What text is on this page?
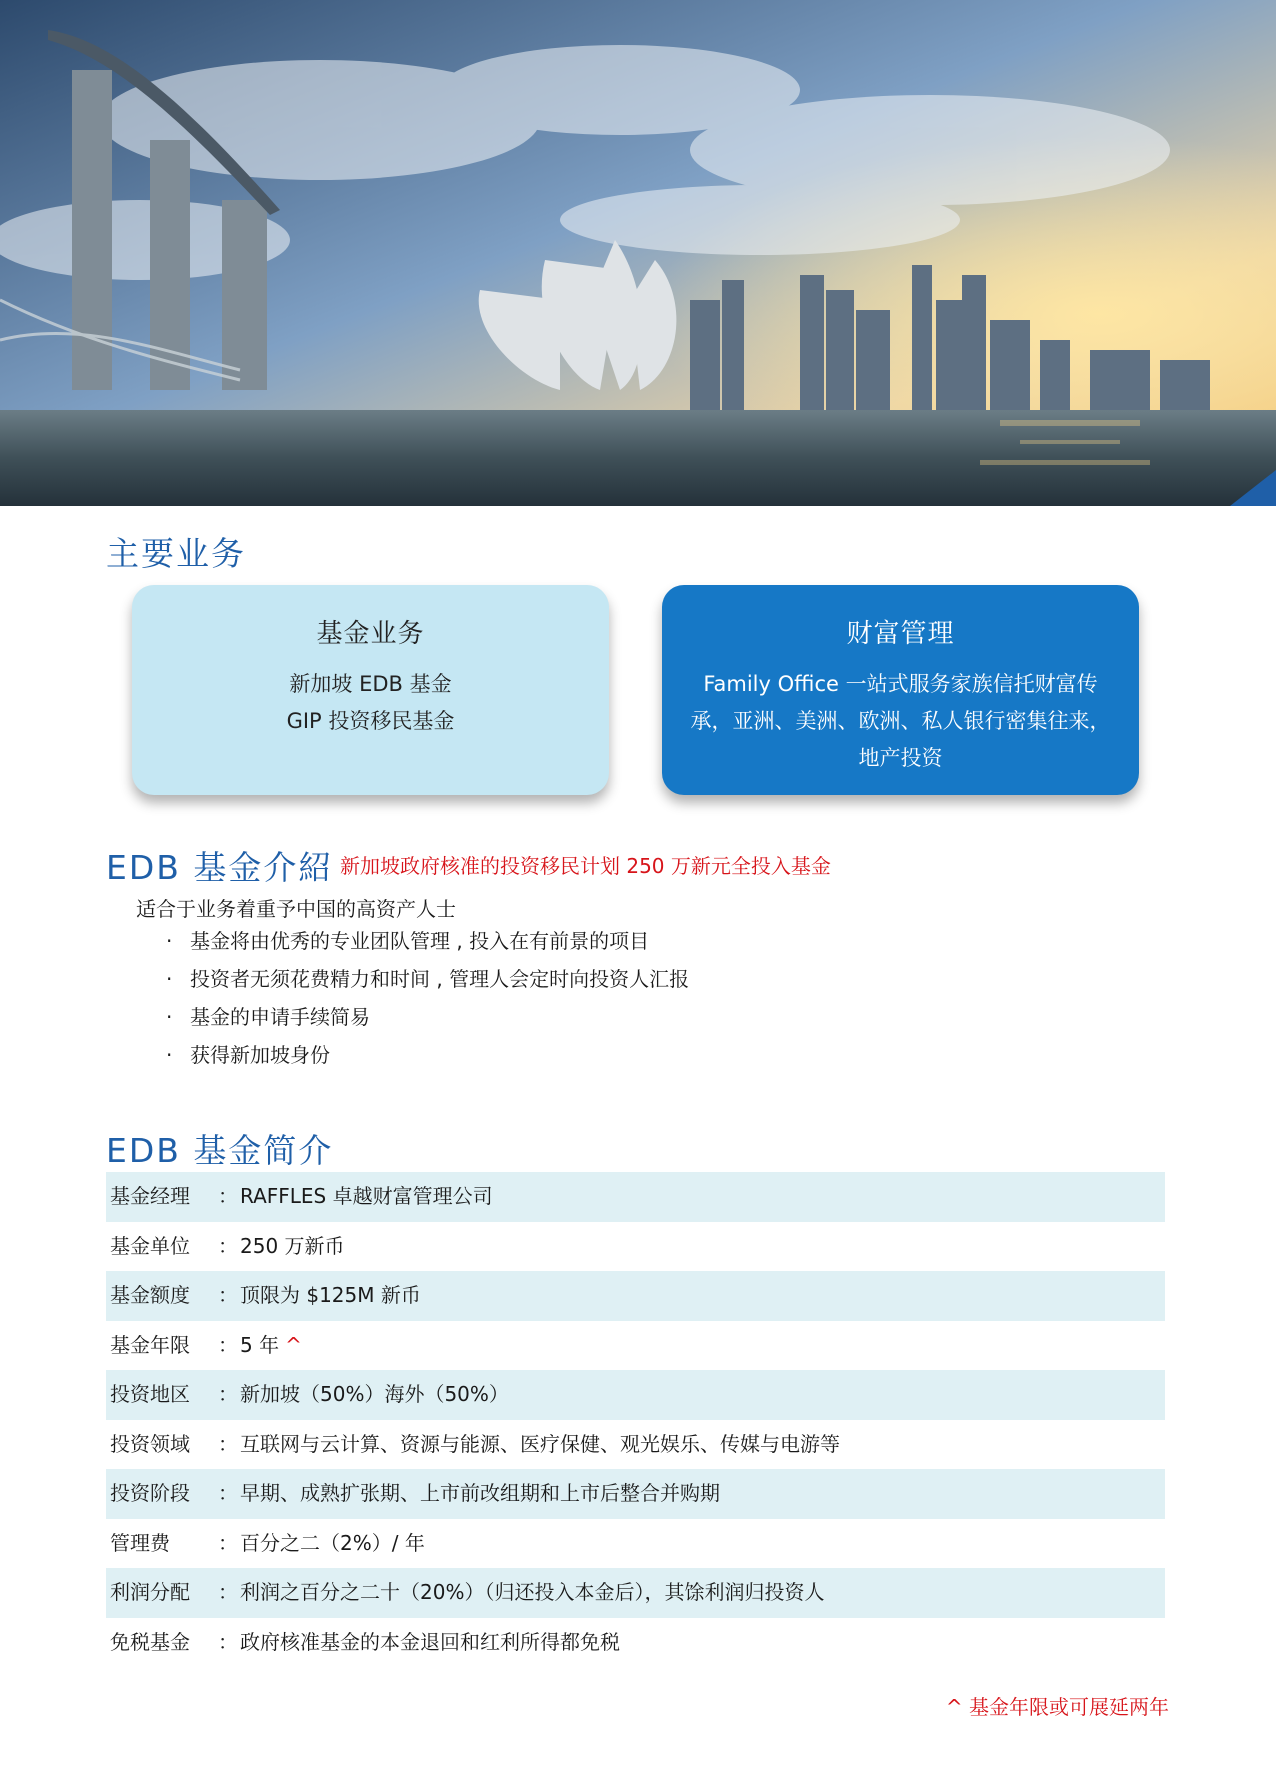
主要业务
基金业务
新加坡 EDB 基金
GIP 投资移民基金
财富管理
Family Office 一站式服务家族信托财富传承，亚洲、美洲、欧洲、私人银行密集往来，地产投资
EDB 基金介紹 新加坡政府核准的投资移民计划 250 万新元全投入基金
适合于业务着重予中国的高资产人士
· 基金将由优秀的专业团队管理 , 投入在有前景的项目
· 投资者无须花费精力和时间 , 管理人会定时向投资人汇报
· 基金的申请手续简易
· 获得新加坡身份
EDB 基金简介
基金经理	： RAFFLES 卓越财富管理公司
基金单位	： 250 万新币
基金额度	： 顶限为 $125M 新币
基金年限	： 5 年 ^
投资地区	： 新加坡（50%）海外（50%）
投资领域	： 互联网与云计算、资源与能源、医疗保健、观光娱乐、传媒与电游等
投资阶段	： 早期、成熟扩张期、上市前改组期和上市后整合并购期
管理费	： 百分之二（2%）/ 年
利润分配	： 利润之百分之二十（20%）（归还投入本金后），其馀利润归投资人
免税基金	： 政府核准基金的本金退回和红利所得都免税
^ 基金年限或可展延两年
